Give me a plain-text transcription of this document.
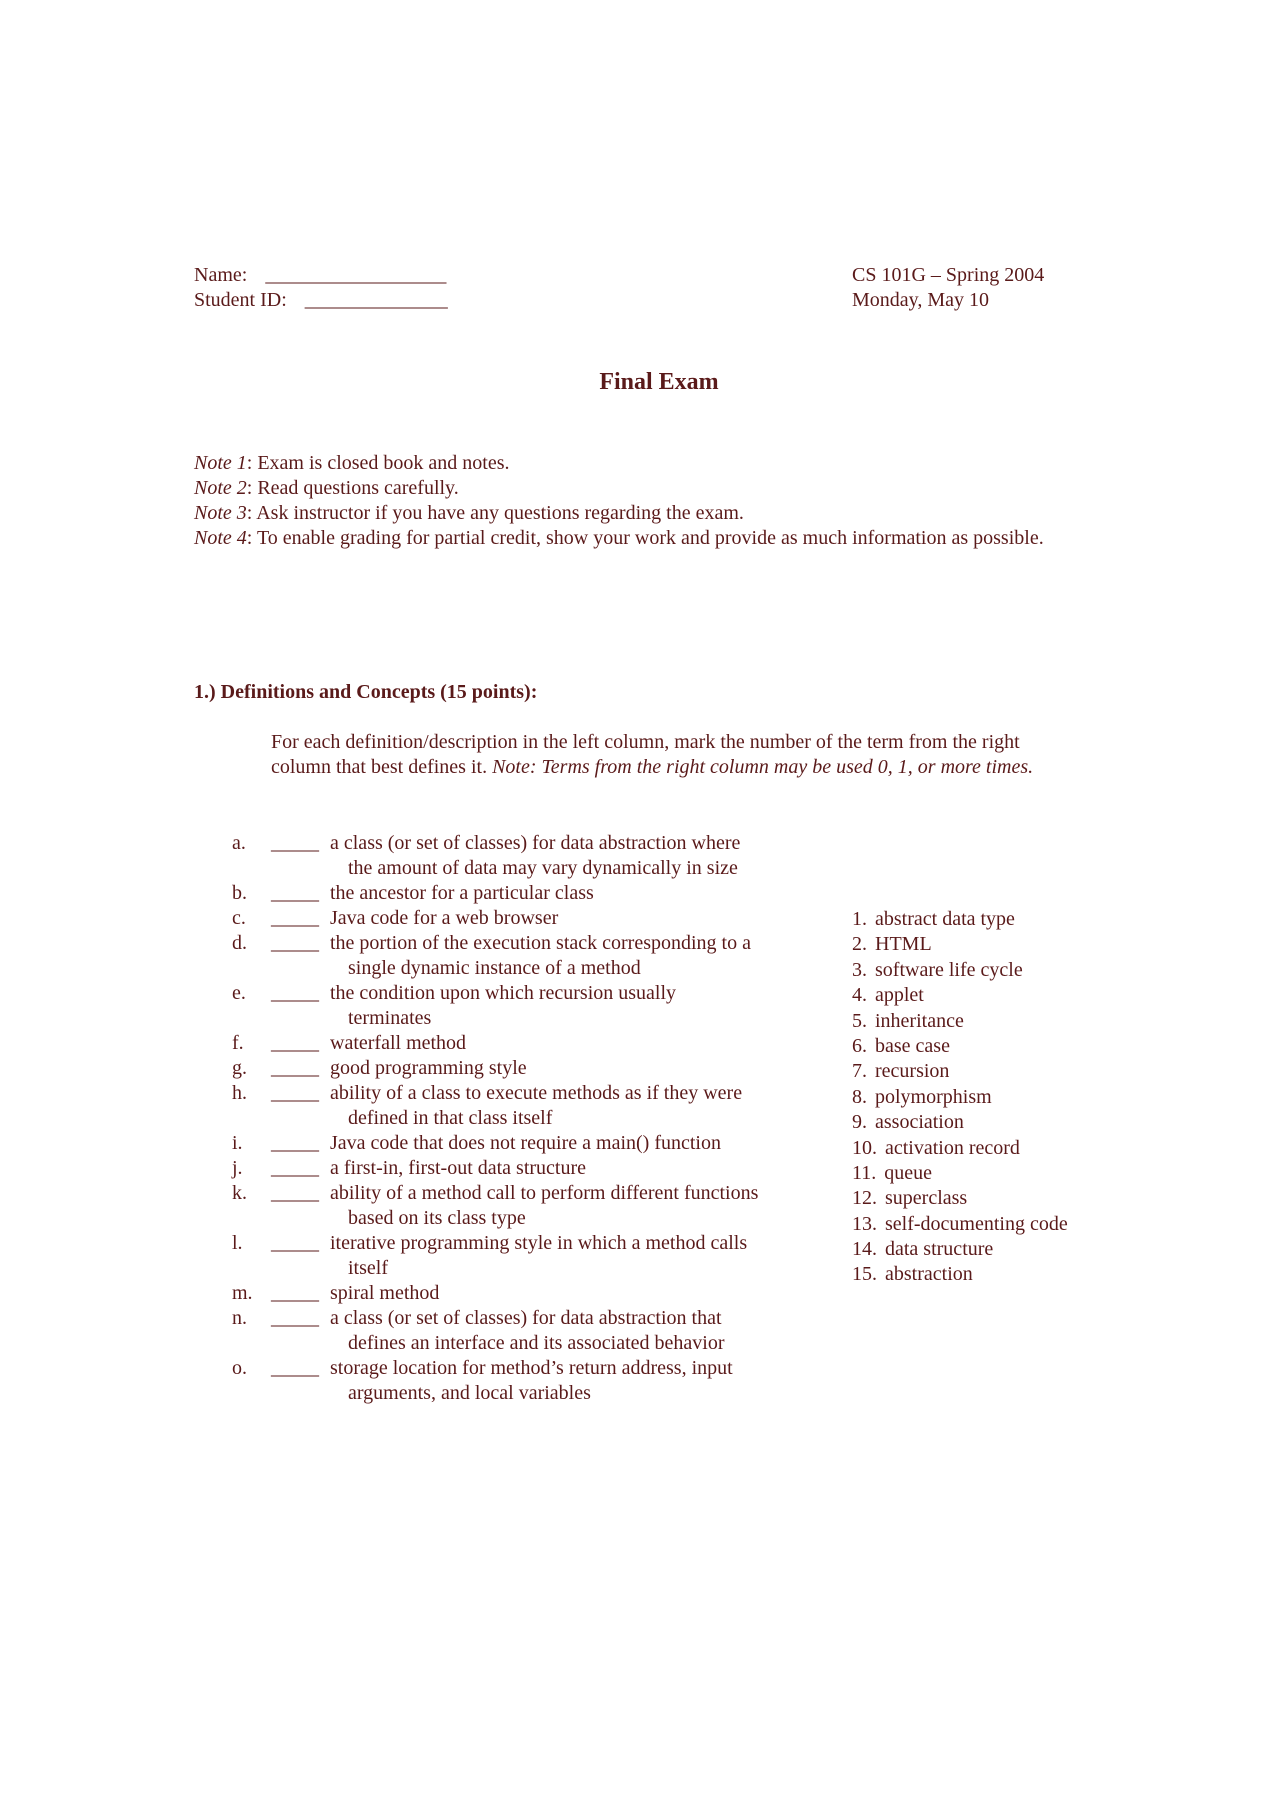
Name: ___________________
Student ID: _______________
CS 101G – Spring 2004
Monday, May 10
Final Exam
Note 1: Exam is closed book and notes.
Note 2: Read questions carefully.
Note 3: Ask instructor if you have any questions regarding the exam.
Note 4: To enable grading for partial credit, show your work and provide as much information as possible.
1.) Definitions and Concepts (15 points):
For each definition/description in the left column, mark the number of the term from the right
column that best defines it. Note: Terms from the right column may be used 0, 1, or more times.
a. _____ a class (or set of classes) for data abstraction where
the amount of data may vary dynamically in size
b. _____ the ancestor for a particular class
c. _____ Java code for a web browser
d. _____ the portion of the execution stack corresponding to a
single dynamic instance of a method
e. _____ the condition upon which recursion usually
terminates
f. _____ waterfall method
g. _____ good programming style
h. _____ ability of a class to execute methods as if they were
defined in that class itself
i. _____ Java code that does not require a main() function
j. _____ a first-in, first-out data structure
k. _____ ability of a method call to perform different functions
based on its class type
l. _____ iterative programming style in which a method calls
itself
m. _____ spiral method
n. _____ a class (or set of classes) for data abstraction that
defines an interface and its associated behavior
o. _____ storage location for method’s return address, input
arguments, and local variables
1. abstract data type
2. HTML
3. software life cycle
4. applet
5. inheritance
6. base case
7. recursion
8. polymorphism
9. association
10. activation record
11. queue
12. superclass
13. self-documenting code
14. data structure
15. abstraction
